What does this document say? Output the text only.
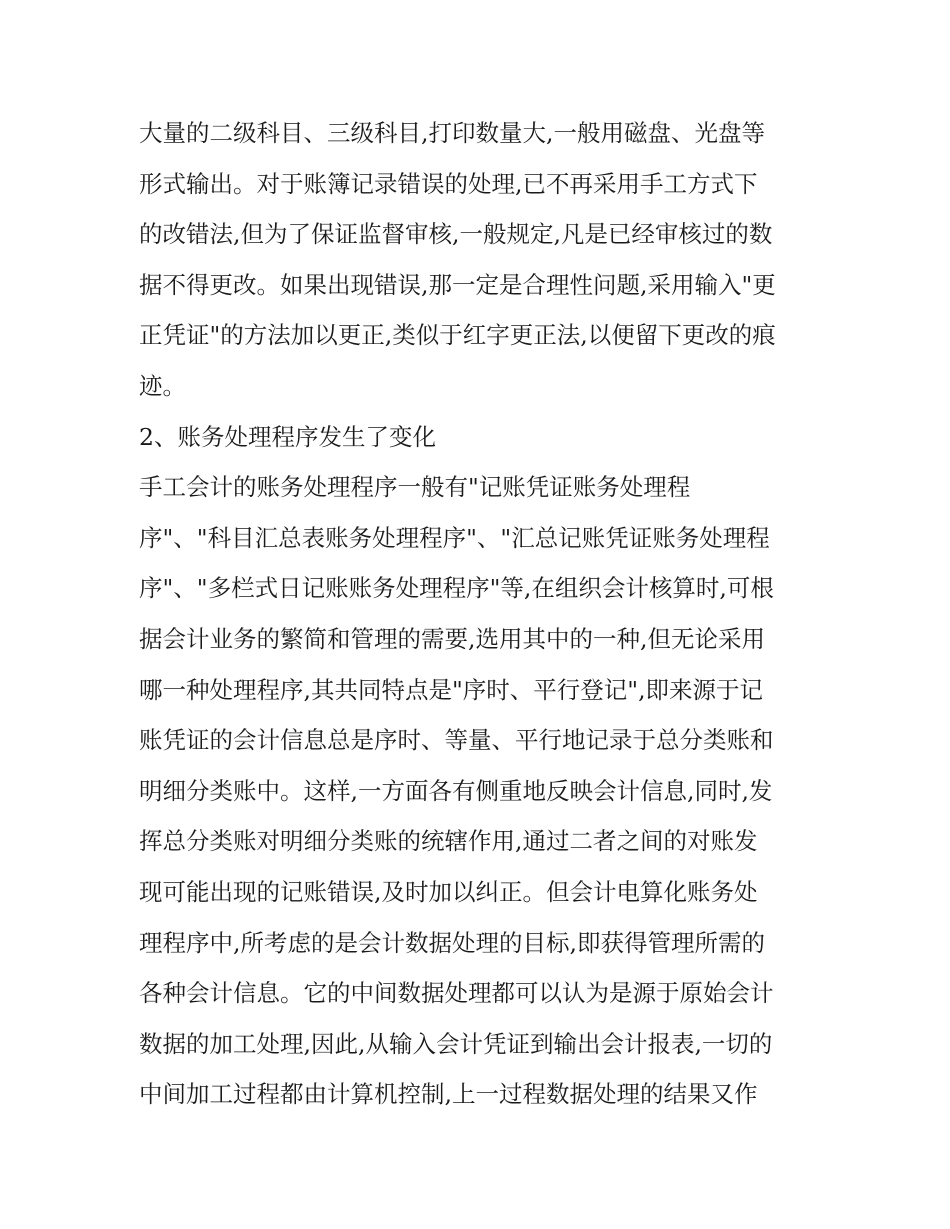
大量的二级科目、三级科目,打印数量大,一般用磁盘、光盘等
形式输出。对于账簿记录错误的处理,已不再采用手工方式下
的改错法,但为了保证监督审核,一般规定,凡是已经审核过的数
据不得更改。如果出现错误,那一定是合理性问题,采用输入"更
正凭证"的方法加以更正,类似于红字更正法,以便留下更改的痕
迹。
2、账务处理程序发生了变化
手工会计的账务处理程序一般有"记账凭证账务处理程
序"、"科目汇总表账务处理程序"、"汇总记账凭证账务处理程
序"、"多栏式日记账账务处理程序"等,在组织会计核算时,可根
据会计业务的繁简和管理的需要,选用其中的一种,但无论采用
哪一种处理程序,其共同特点是"序时、平行登记",即来源于记
账凭证的会计信息总是序时、等量、平行地记录于总分类账和
明细分类账中。这样,一方面各有侧重地反映会计信息,同时,发
挥总分类账对明细分类账的统辖作用,通过二者之间的对账发
现可能出现的记账错误,及时加以纠正。但会计电算化账务处
理程序中,所考虑的是会计数据处理的目标,即获得管理所需的
各种会计信息。它的中间数据处理都可以认为是源于原始会计
数据的加工处理,因此,从输入会计凭证到输出会计报表,一切的
中间加工过程都由计算机控制,上一过程数据处理的结果又作
